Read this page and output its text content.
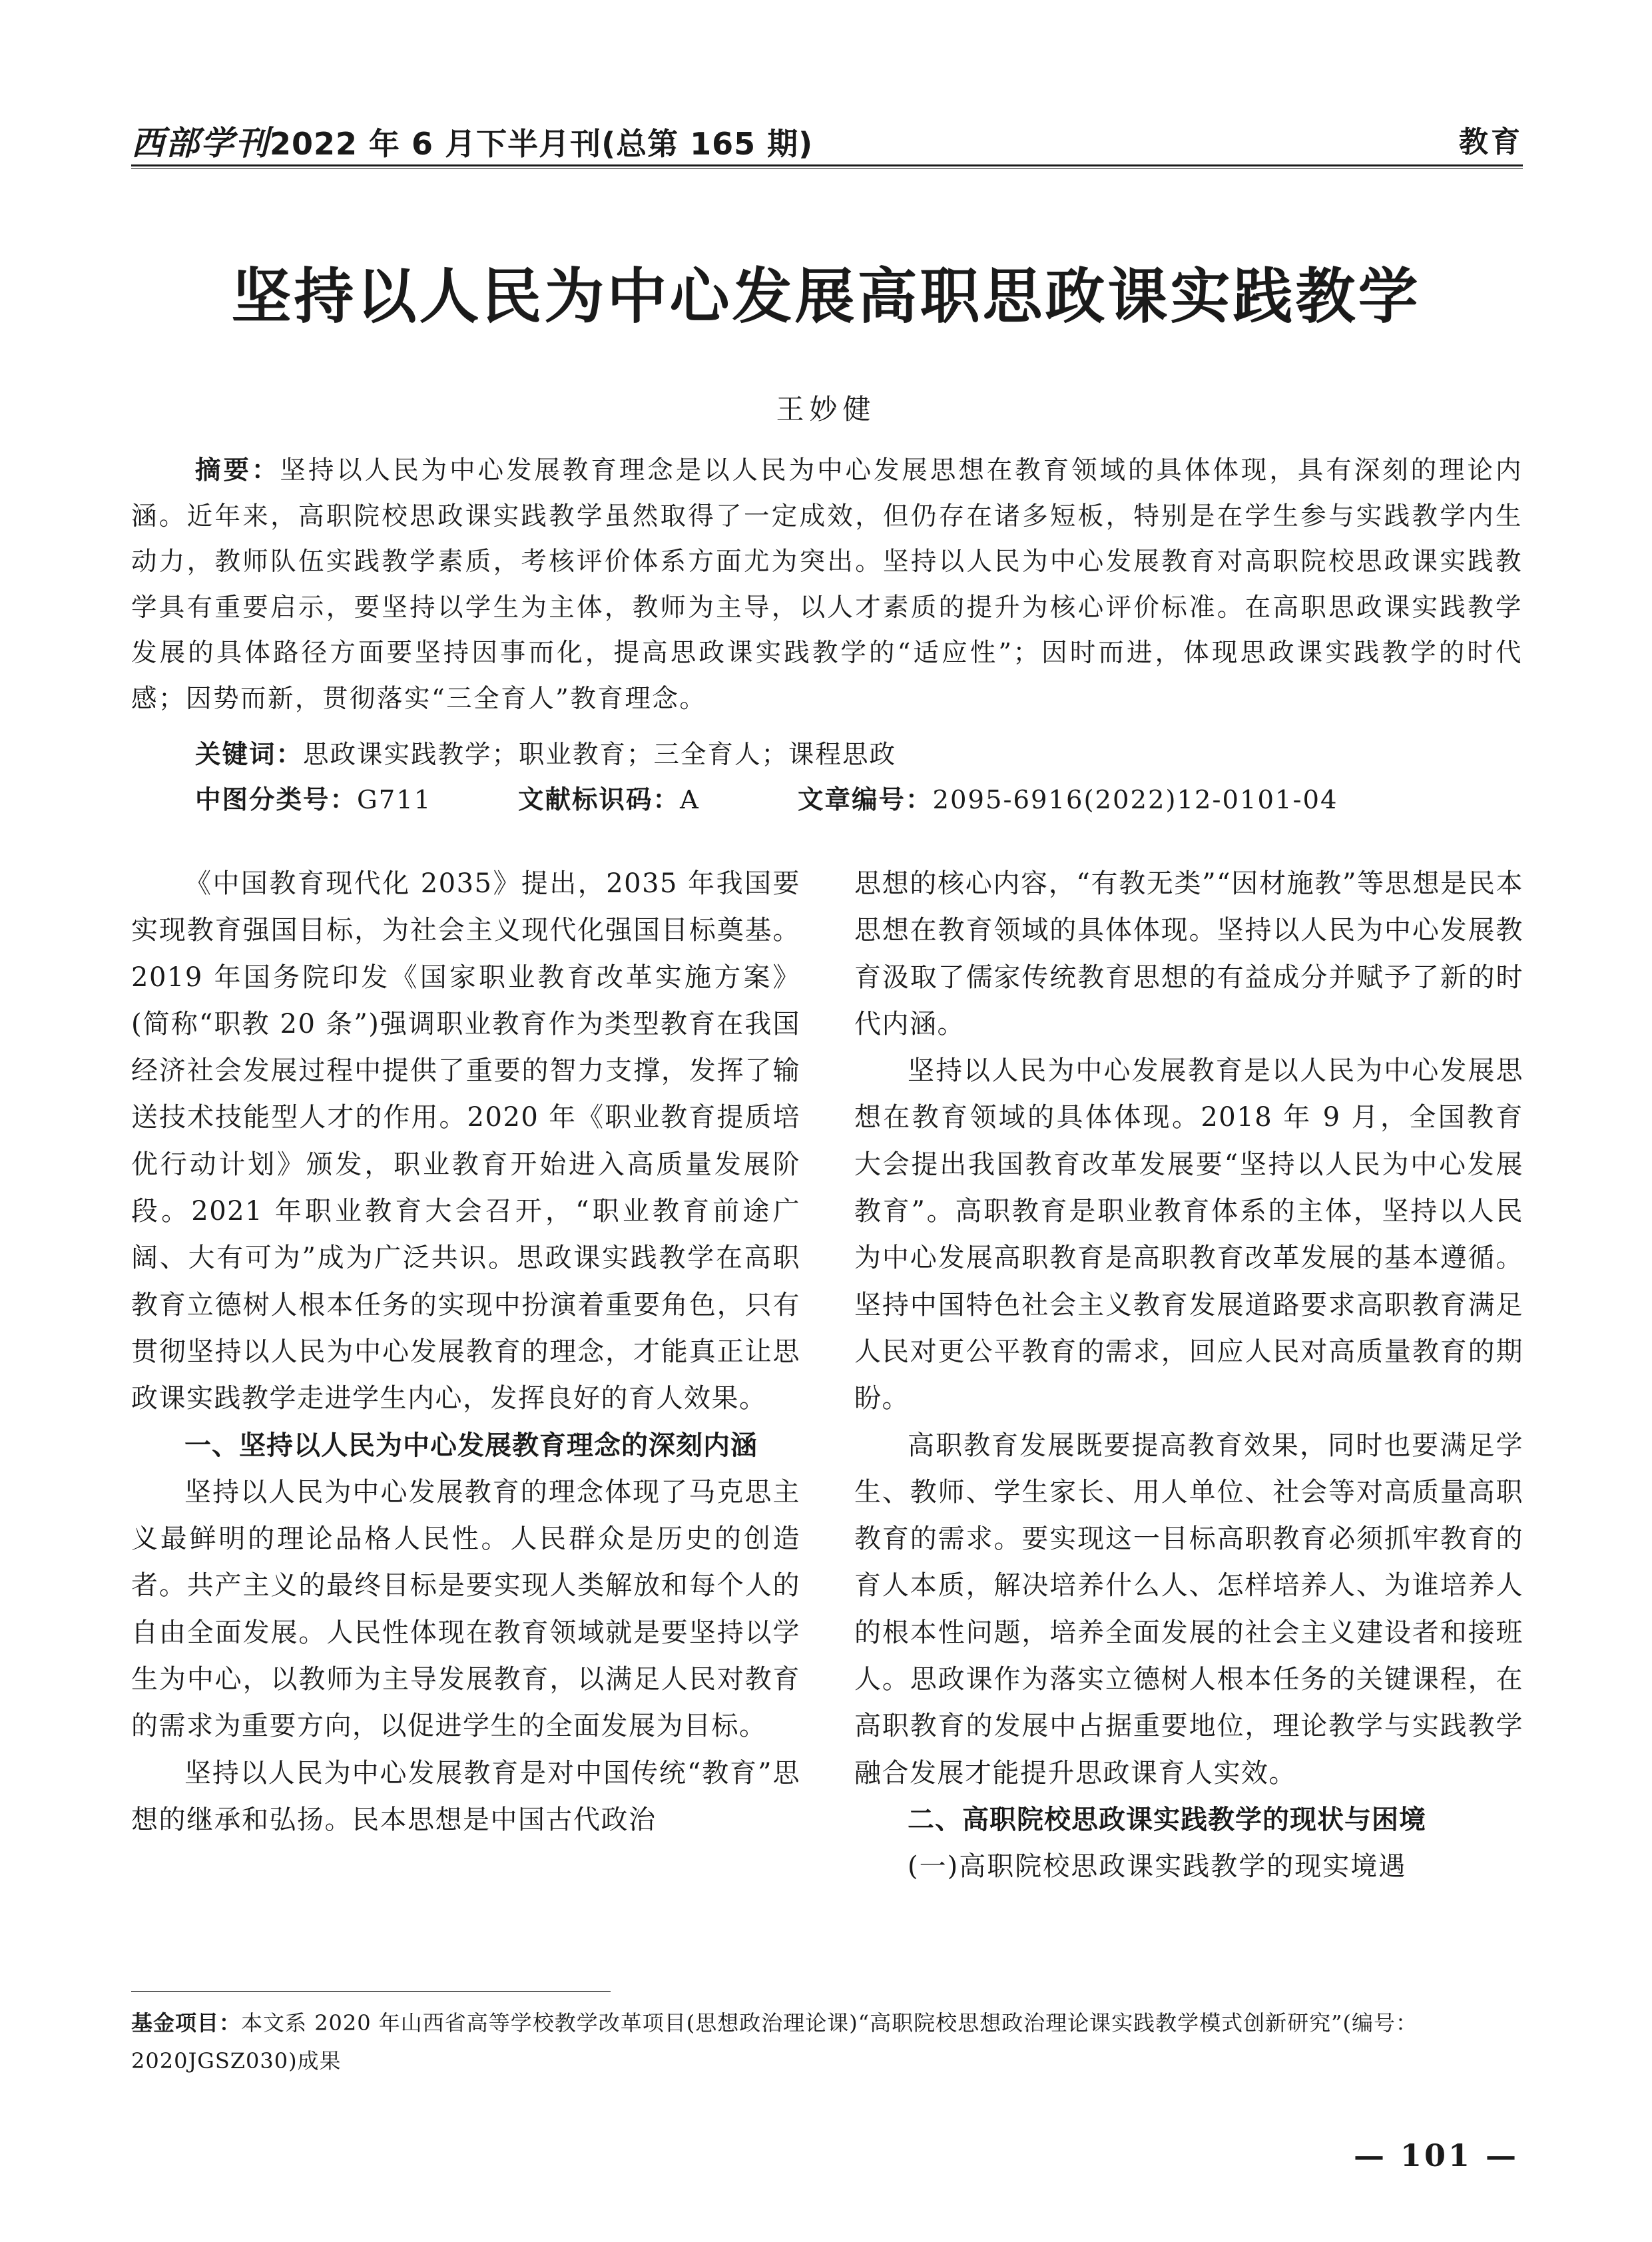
西部学刊2022 年 6 月下半月刊(总第 165 期)	教育
坚持以人民为中心发展高职思政课实践教学
王妙健

摘要：坚持以人民为中心发展教育理念是以人民为中心发展思想在教育领域的具体体现，具有深刻的理论内涵。近年来，高职院校思政课实践教学虽然取得了一定成效，但仍存在诸多短板，特别是在学生参与实践教学内生动力，教师队伍实践教学素质，考核评价体系方面尤为突出。坚持以人民为中心发展教育对高职院校思政课实践教学具有重要启示，要坚持以学生为主体，教师为主导，以人才素质的提升为核心评价标准。在高职思政课实践教学发展的具体路径方面要坚持因事而化，提高思政课实践教学的“适应性”；因时而进，体现思政课实践教学的时代感；因势而新，贯彻落实“三全育人”教育理念。

关键词：思政课实践教学；职业教育；三全育人；课程思政
中图分类号：G711	文献标识码：A	文章编号：2095-6916(2022)12-0101-04

《中国教育现代化 2035》提出，2035 年我国要实现教育强国目标，为社会主义现代化强国目标奠基。2019 年国务院印发《国家职业教育改革实施方案》(简称“职教 20 条”)强调职业教育作为类型教育在我国经济社会发展过程中提供了重要的智力支撑，发挥了输送技术技能型人才的作用。2020 年《职业教育提质培优行动计划》颁发，职业教育开始进入高质量发展阶段。2021 年职业教育大会召开，“职业教育前途广阔、大有可为”成为广泛共识。思政课实践教学在高职教育立德树人根本任务的实现中扮演着重要角色，只有贯彻坚持以人民为中心发展教育的理念，才能真正让思政课实践教学走进学生内心，发挥良好的育人效果。

一、坚持以人民为中心发展教育理念的深刻内涵

坚持以人民为中心发展教育的理念体现了马克思主义最鲜明的理论品格人民性。人民群众是历史的创造者。共产主义的最终目标是要实现人类解放和每个人的自由全面发展。人民性体现在教育领域就是要坚持以学生为中心，以教师为主导发展教育，以满足人民对教育的需求为重要方向，以促进学生的全面发展为目标。

坚持以人民为中心发展教育是对中国传统“教育”思想的继承和弘扬。民本思想是中国古代政治

思想的核心内容，“有教无类”“因材施教”等思想是民本思想在教育领域的具体体现。坚持以人民为中心发展教育汲取了儒家传统教育思想的有益成分并赋予了新的时代内涵。

坚持以人民为中心发展教育是以人民为中心发展思想在教育领域的具体体现。2018 年 9 月，全国教育大会提出我国教育改革发展要“坚持以人民为中心发展教育”。高职教育是职业教育体系的主体，坚持以人民为中心发展高职教育是高职教育改革发展的基本遵循。坚持中国特色社会主义教育发展道路要求高职教育满足人民对更公平教育的需求，回应人民对高质量教育的期盼。

高职教育发展既要提高教育效果，同时也要满足学生、教师、学生家长、用人单位、社会等对高质量高职教育的需求。要实现这一目标高职教育必须抓牢教育的育人本质，解决培养什么人、怎样培养人、为谁培养人的根本性问题，培养全面发展的社会主义建设者和接班人。思政课作为落实立德树人根本任务的关键课程，在高职教育的发展中占据重要地位，理论教学与实践教学融合发展才能提升思政课育人实效。

二、高职院校思政课实践教学的现状与困境
(一)高职院校思政课实践教学的现实境遇

基金项目：本文系 2020 年山西省高等学校教学改革项目(思想政治理论课)“高职院校思想政治理论课实践教学模式创新研究”(编号：2020JGSZ030)成果

— 101 —
